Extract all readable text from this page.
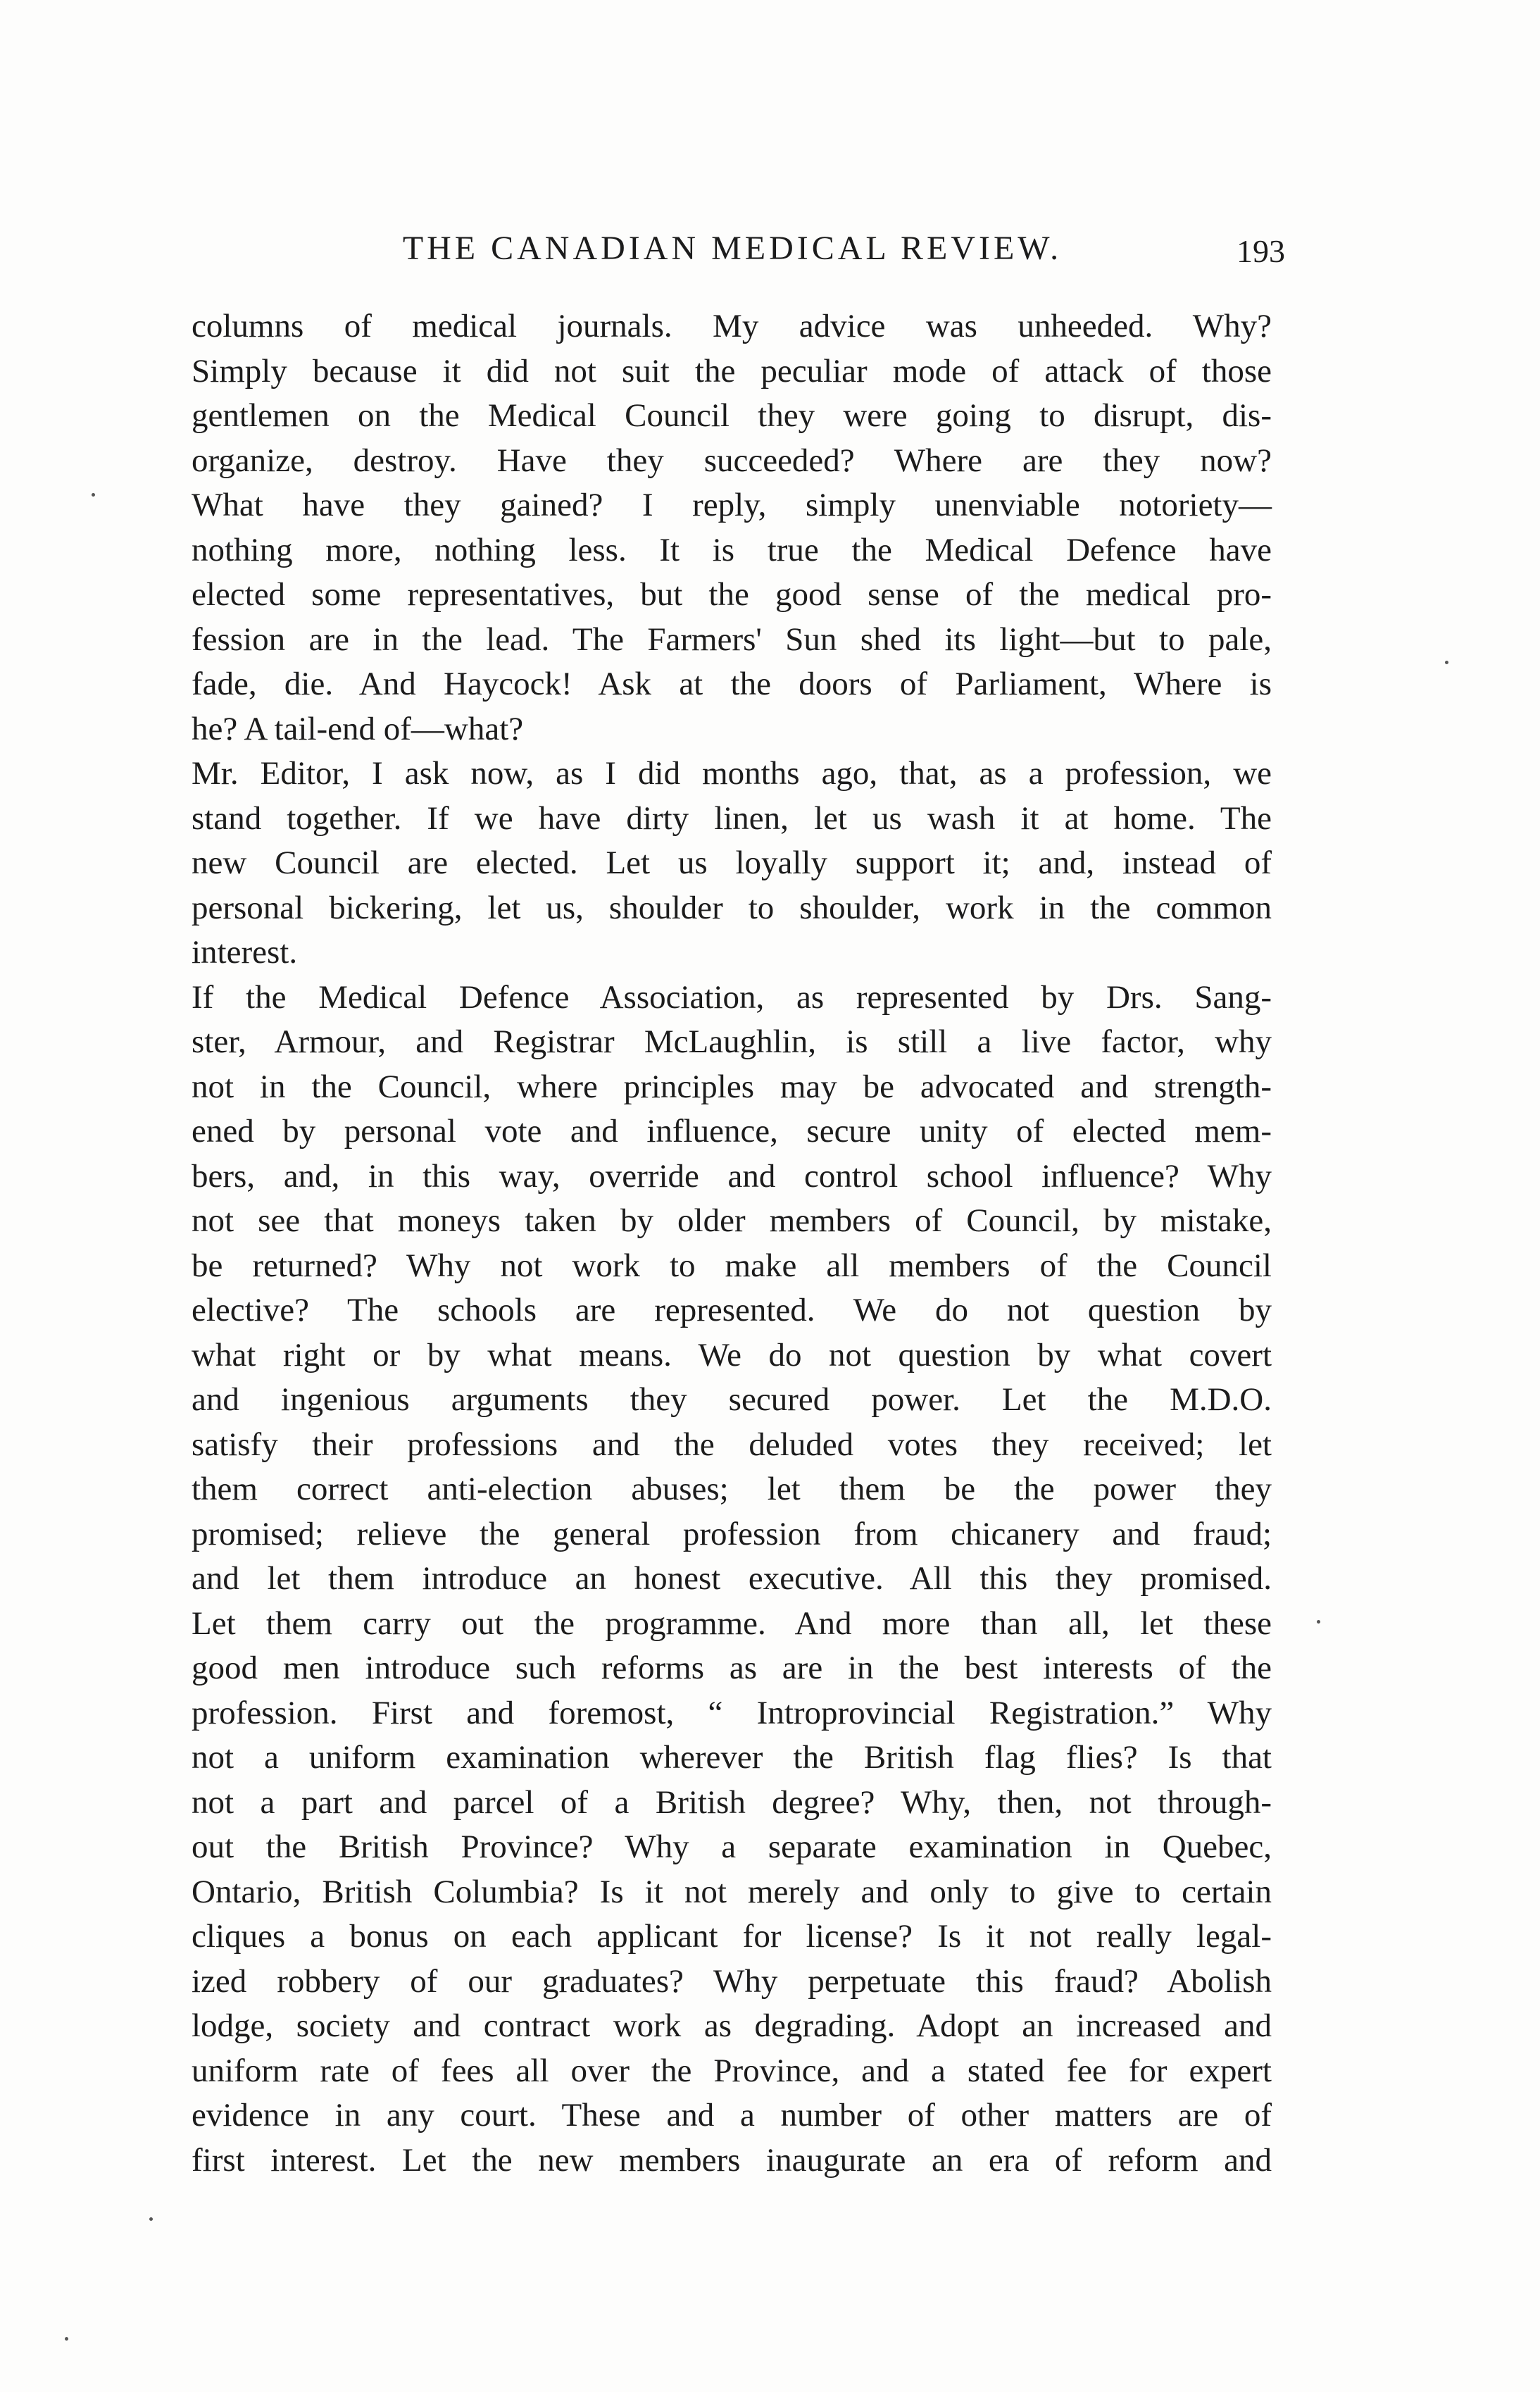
THE CANADIAN MEDICAL REVIEW.	193
columns of medical journals. My advice was unheeded. Why?
Simply because it did not suit the peculiar mode of attack of those
gentlemen on the Medical Council they were going to disrupt, dis-
organize, destroy. Have they succeeded? Where are they now?
What have they gained? I reply, simply unenviable notoriety—
nothing more, nothing less. It is true the Medical Defence have
elected some representatives, but the good sense of the medical pro-
fession are in the lead. The Farmers' Sun shed its light—but to pale,
fade, die. And Haycock! Ask at the doors of Parliament, Where is
he? A tail-end of—what?
Mr. Editor, I ask now, as I did months ago, that, as a profession, we
stand together. If we have dirty linen, let us wash it at home. The
new Council are elected. Let us loyally support it; and, instead of
personal bickering, let us, shoulder to shoulder, work in the common
interest.
If the Medical Defence Association, as represented by Drs. Sang-
ster, Armour, and Registrar McLaughlin, is still a live factor, why
not in the Council, where principles may be advocated and strength-
ened by personal vote and influence, secure unity of elected mem-
bers, and, in this way, override and control school influence? Why
not see that moneys taken by older members of Council, by mistake,
be returned? Why not work to make all members of the Council
elective? The schools are represented. We do not question by
what right or by what means. We do not question by what covert
and ingenious arguments they secured power. Let the M.D.O.
satisfy their professions and the deluded votes they received; let
them correct anti-election abuses; let them be the power they
promised; relieve the general profession from chicanery and fraud;
and let them introduce an honest executive. All this they promised.
Let them carry out the programme. And more than all, let these
good men introduce such reforms as are in the best interests of the
profession. First and foremost, “ Introprovincial Registration.” Why
not a uniform examination wherever the British flag flies? Is that
not a part and parcel of a British degree? Why, then, not through-
out the British Province? Why a separate examination in Quebec,
Ontario, British Columbia? Is it not merely and only to give to certain
cliques a bonus on each applicant for license? Is it not really legal-
ized robbery of our graduates? Why perpetuate this fraud? Abolish
lodge, society and contract work as degrading. Adopt an increased and
uniform rate of fees all over the Province, and a stated fee for expert
evidence in any court. These and a number of other matters are of
first interest. Let the new members inaugurate an era of reform and
